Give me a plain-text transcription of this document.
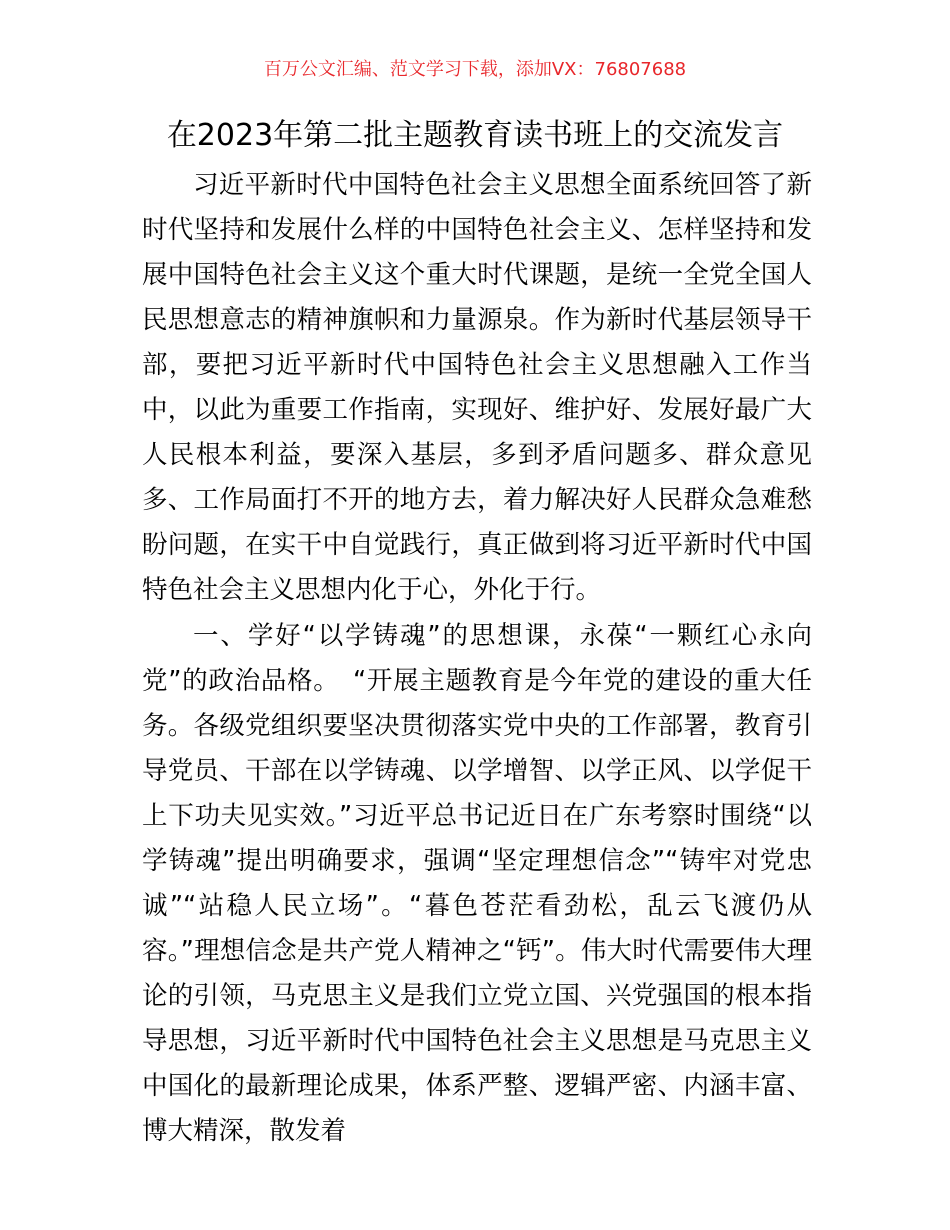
百万公文汇编、范文学习下载，添加VX：76807688
在2023年第二批主题教育读书班上的交流发言

习近平新时代中国特色社会主义思想全面系统回答了新时代坚持和发展什么样的中国特色社会主义、怎样坚持和发展中国特色社会主义这个重大时代课题，是统一全党全国人民思想意志的精神旗帜和力量源泉。作为新时代基层领导干部，要把习近平新时代中国特色社会主义思想融入工作当中，以此为重要工作指南，实现好、维护好、发展好最广大人民根本利益，要深入基层，多到矛盾问题多、群众意见多、工作局面打不开的地方去，着力解决好人民群众急难愁盼问题，在实干中自觉践行，真正做到将习近平新时代中国特色社会主义思想内化于心，外化于行。

一、学好“以学铸魂”的思想课，永葆“一颗红心永向党”的政治品格。　“开展主题教育是今年党的建设的重大任务。各级党组织要坚决贯彻落实党中央的工作部署，教育引导党员、干部在以学铸魂、以学增智、以学正风、以学促干上下功夫见实效。”习近平总书记近日在广东考察时围绕“以学铸魂”提出明确要求，强调“坚定理想信念”“铸牢对党忠诚”“站稳人民立场”。“暮色苍茫看劲松，乱云飞渡仍从容。”理想信念是共产党人精神之“钙”。伟大时代需要伟大理论的引领，马克思主义是我们立党立国、兴党强国的根本指导思想，习近平新时代中国特色社会主义思想是马克思主义中国化的最新理论成果，体系严整、逻辑严密、内涵丰富、博大精深，散发着
